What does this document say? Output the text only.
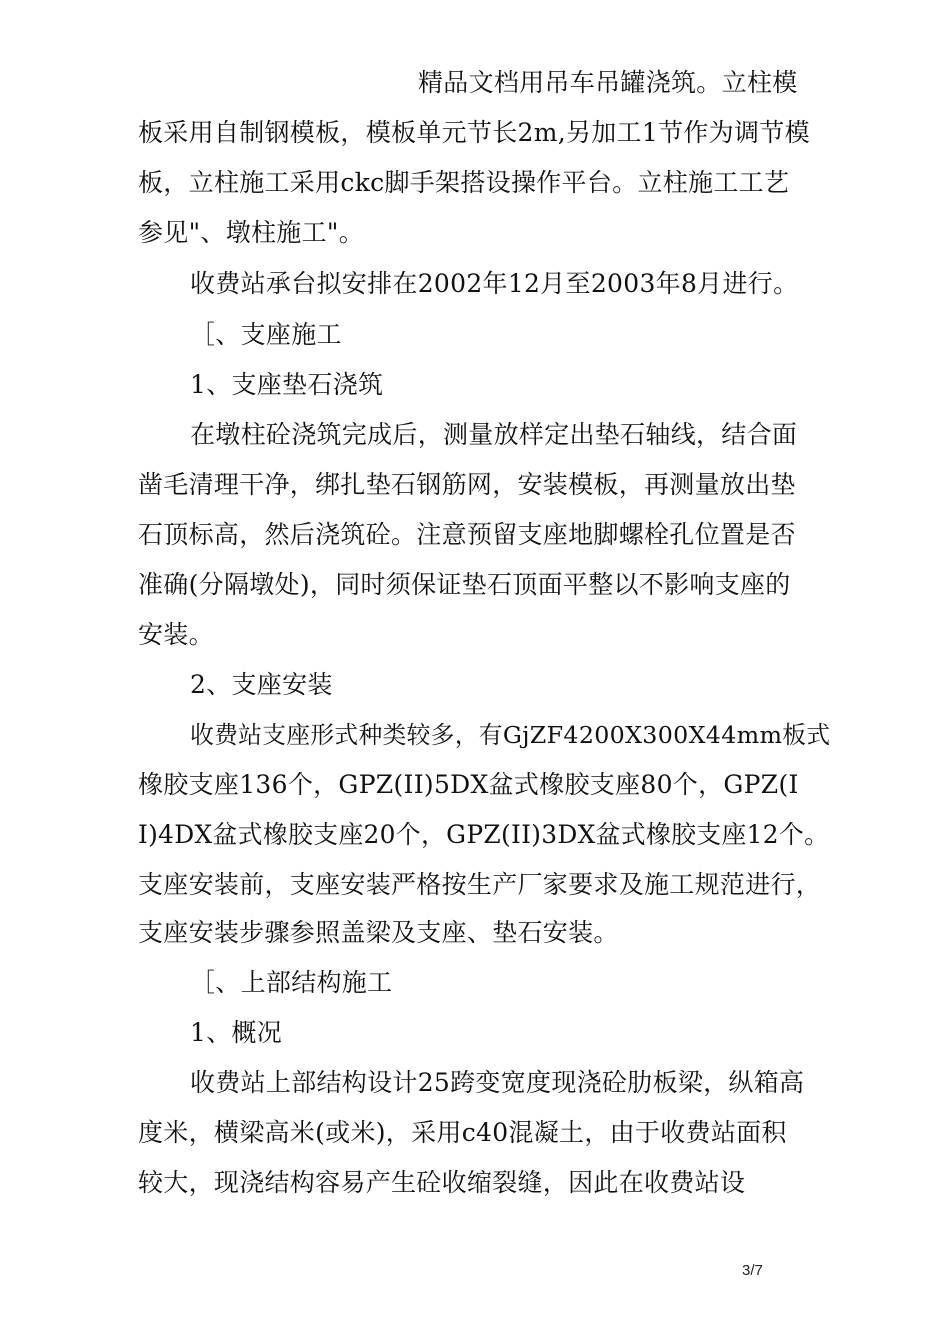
精品文档用吊车吊罐浇筑。立柱模
板采用自制钢模板，模板单元节长2m,另加工1节作为调节模
板，立柱施工采用ckc脚手架搭设操作平台。立柱施工工艺
参见"、墩柱施工"。
收费站承台拟安排在2002年12月至2003年8月进行。
［、支座施工
1、支座垫石浇筑
在墩柱砼浇筑完成后，测量放样定出垫石轴线，结合面
凿毛清理干净，绑扎垫石钢筋网，安装模板，再测量放出垫
石顶标高，然后浇筑砼。注意预留支座地脚螺栓孔位置是否
准确(分隔墩处)，同时须保证垫石顶面平整以不影响支座的
安装。
2、支座安装
收费站支座形式种类较多，有GjZF4200X300X44mm板式
橡胶支座136个，GPZ(II)5DX盆式橡胶支座80个，GPZ(I
I)4DX盆式橡胶支座20个，GPZ(II)3DX盆式橡胶支座12个。
支座安装前，支座安装严格按生产厂家要求及施工规范进行，
支座安装步骤参照盖梁及支座、垫石安装。
［、上部结构施工
1、概况
收费站上部结构设计25跨变宽度现浇砼肋板梁，纵箱高
度米，横梁高米(或米)，采用c40混凝土，由于收费站面积
较大，现浇结构容易产生砼收缩裂缝，因此在收费站设
3/7
